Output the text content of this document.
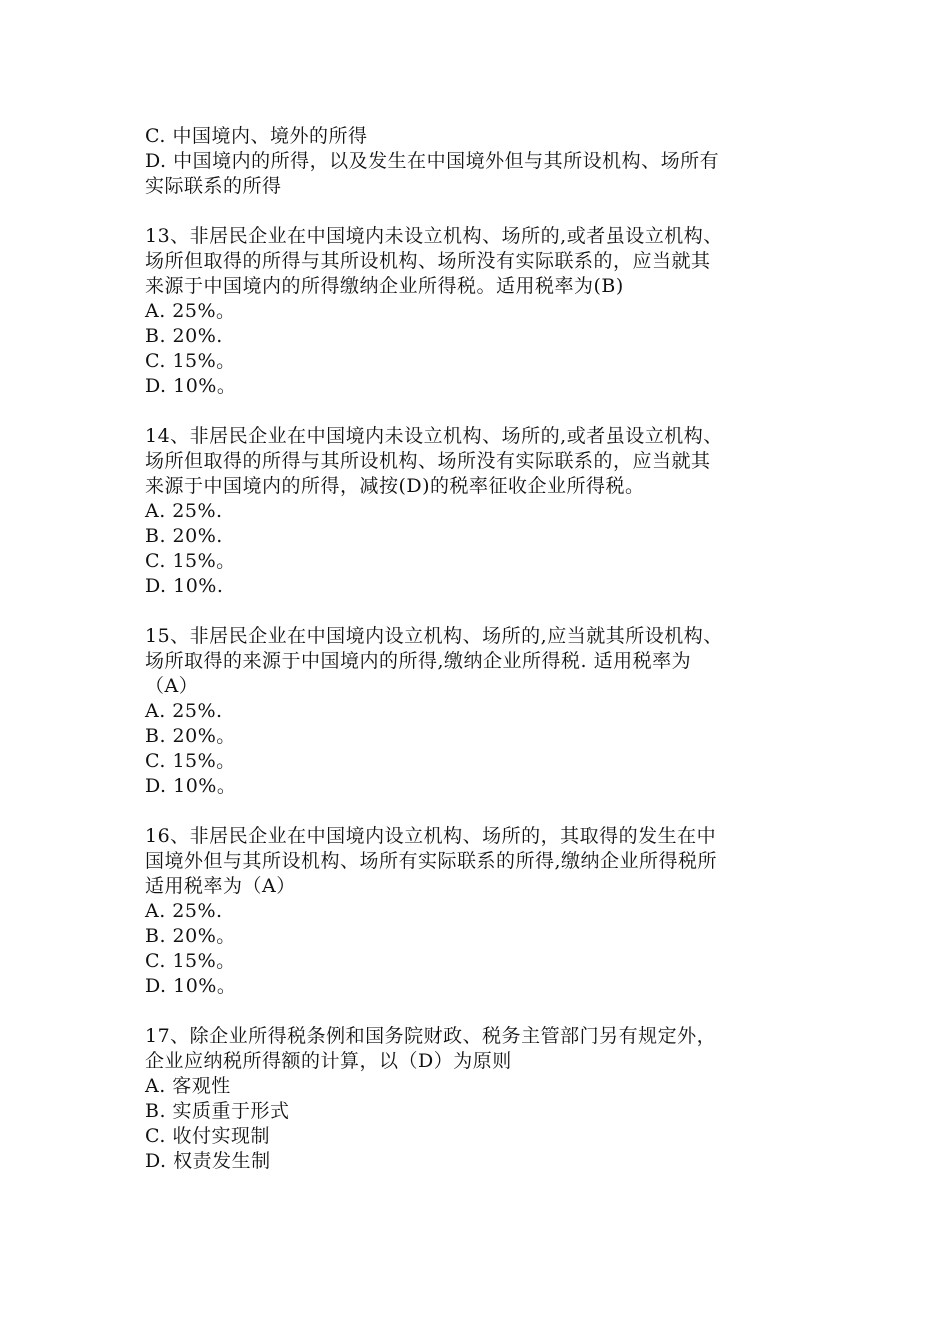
C. 中国境内、境外的所得
D. 中国境内的所得，以及发生在中国境外但与其所设机构、场所有
实际联系的所得
13、非居民企业在中国境内未设立机构、场所的,或者虽设立机构、
场所但取得的所得与其所设机构、场所没有实际联系的，应当就其
来源于中国境内的所得缴纳企业所得税。适用税率为(B)
A. 25%。
B. 20%.
C. 15%。
D. 10%。
14、非居民企业在中国境内未设立机构、场所的,或者虽设立机构、
场所但取得的所得与其所设机构、场所没有实际联系的，应当就其
来源于中国境内的所得，减按(D)的税率征收企业所得税。
A. 25%.
B. 20%.
C. 15%。
D. 10%.
15、非居民企业在中国境内设立机构、场所的,应当就其所设机构、
场所取得的来源于中国境内的所得,缴纳企业所得税. 适用税率为
（A）
A. 25%.
B. 20%。
C. 15%。
D. 10%。
16、非居民企业在中国境内设立机构、场所的，其取得的发生在中
国境外但与其所设机构、场所有实际联系的所得,缴纳企业所得税所
适用税率为（A）
A. 25%.
B. 20%。
C. 15%。
D. 10%。
17、除企业所得税条例和国务院财政、税务主管部门另有规定外，
企业应纳税所得额的计算，以（D）为原则
A. 客观性
B. 实质重于形式
C. 收付实现制
D. 权责发生制
